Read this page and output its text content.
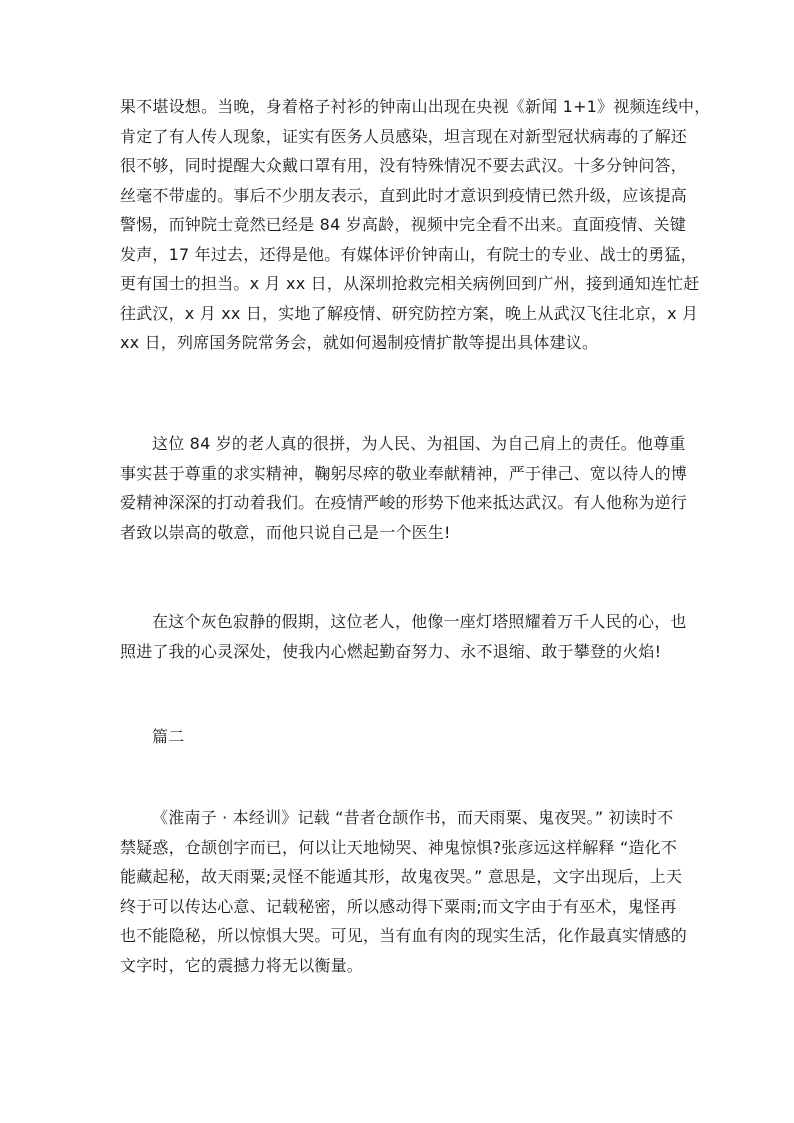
果不堪设想。当晚，身着格子衬衫的钟南山出现在央视《新闻 1+1》视频连线中，
肯定了有人传人现象，证实有医务人员感染，坦言现在对新型冠状病毒的了解还
很不够，同时提醒大众戴口罩有用，没有特殊情况不要去武汉。十多分钟问答，
丝毫不带虚的。事后不少朋友表示，直到此时才意识到疫情已然升级，应该提高
警惕，而钟院士竟然已经是 84 岁高龄，视频中完全看不出来。直面疫情、关键
发声，17 年过去，还得是他。有媒体评价钟南山，有院士的专业、战士的勇猛，
更有国士的担当。x 月 xx 日，从深圳抢救完相关病例回到广州，接到通知连忙赶
往武汉，x 月 xx 日，实地了解疫情、研究防控方案，晚上从武汉飞往北京，x 月
xx 日，列席国务院常务会，就如何遏制疫情扩散等提出具体建议。
这位 84 岁的老人真的很拼，为人民、为祖国、为自己肩上的责任。他尊重
事实甚于尊重的求实精神，鞠躬尽瘁的敬业奉献精神，严于律己、宽以待人的博
爱精神深深的打动着我们。在疫情严峻的形势下他来抵达武汉。有人他称为逆行
者致以崇高的敬意，而他只说自己是一个医生!
在这个灰色寂静的假期，这位老人，他像一座灯塔照耀着万千人民的心，也
照进了我的心灵深处，使我内心燃起勤奋努力、永不退缩、敢于攀登的火焰!
篇二
《淮南子 · 本经训》记载 “昔者仓颉作书，而天雨粟、鬼夜哭。” 初读时不
禁疑惑，仓颉创字而已，何以让天地恸哭、神鬼惊惧?张彦远这样解释 “造化不
能藏起秘，故天雨粟;灵怪不能遁其形，故鬼夜哭。” 意思是，文字出现后，上天
终于可以传达心意、记载秘密，所以感动得下粟雨;而文字由于有巫术，鬼怪再
也不能隐秘，所以惊惧大哭。可见，当有血有肉的现实生活，化作最真实情感的
文字时，它的震撼力将无以衡量。
